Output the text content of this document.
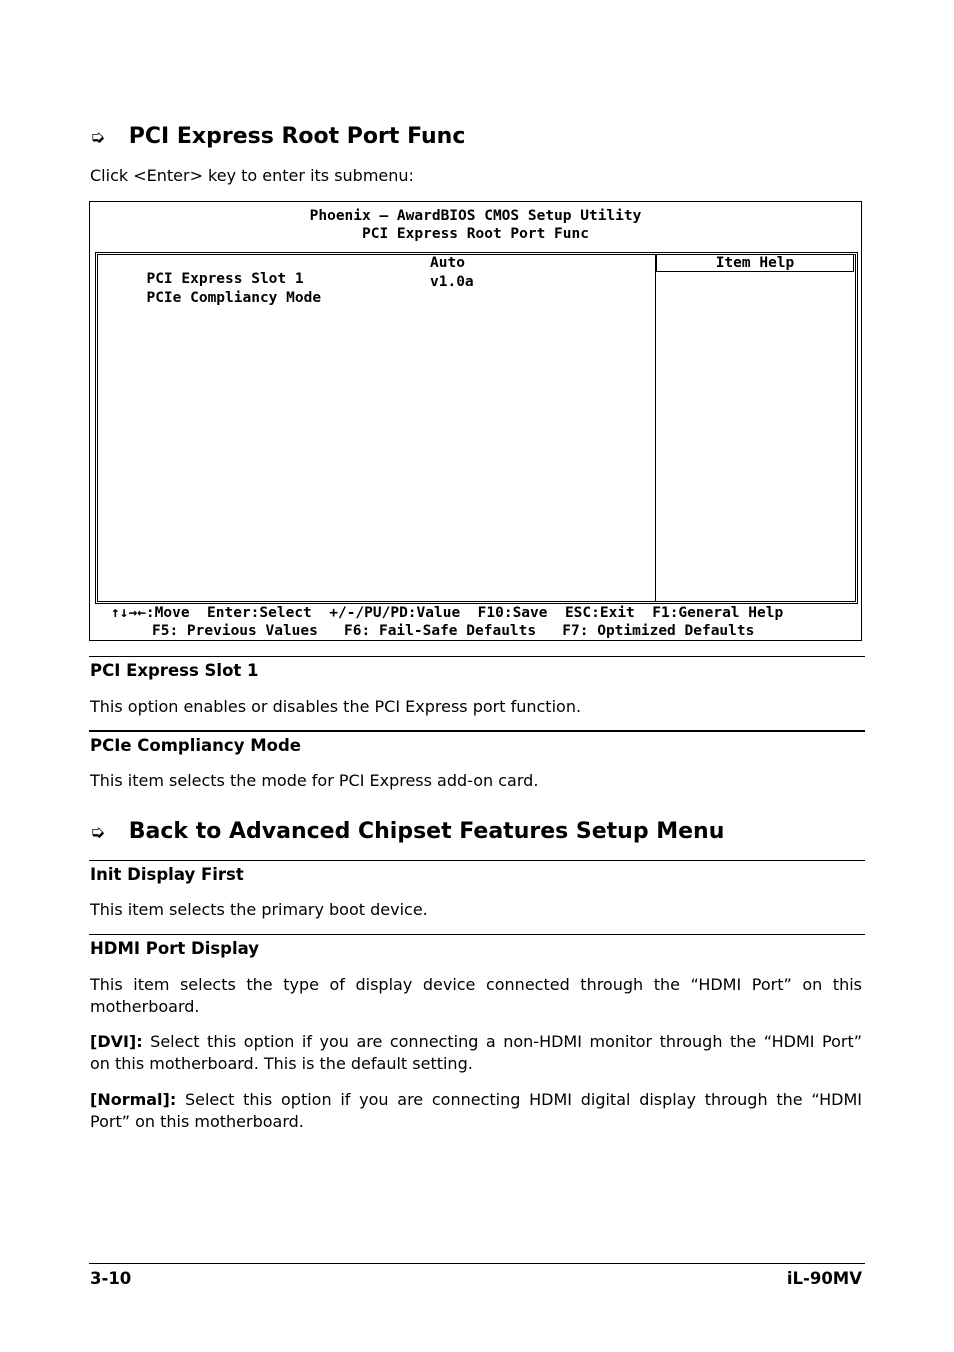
➭ PCI Express Root Port Func
Click <Enter> key to enter its submenu:
Phoenix – AwardBIOS CMOS Setup Utility
PCI Express Root Port Func
Item Help

PCI Express Slot 1

Auto

PCIe Compliancy Mode

v1.0a
↑↓→←:Move  Enter:Select  +/-/PU/PD:Value  F10:Save  ESC:Exit  F1:General Help
F5: Previous Values   F6: Fail-Safe Defaults   F7: Optimized Defaults
PCI Express Slot 1
This option enables or disables the PCI Express port function.
PCIe Compliancy Mode
This item selects the mode for PCI Express add-on card.
➭ Back to Advanced Chipset Features Setup Menu
Init Display First
This item selects the primary boot device.
HDMI Port Display
This item selects the type of display device connected through the “HDMI Port” on this
motherboard.
[DVI]: Select this option if you are connecting a non-HDMI monitor through the “HDMI Port”
on this motherboard. This is the default setting.
[Normal]: Select this option if you are connecting HDMI digital display through the “HDMI
Port” on this motherboard.
3-10	iL-90MV
